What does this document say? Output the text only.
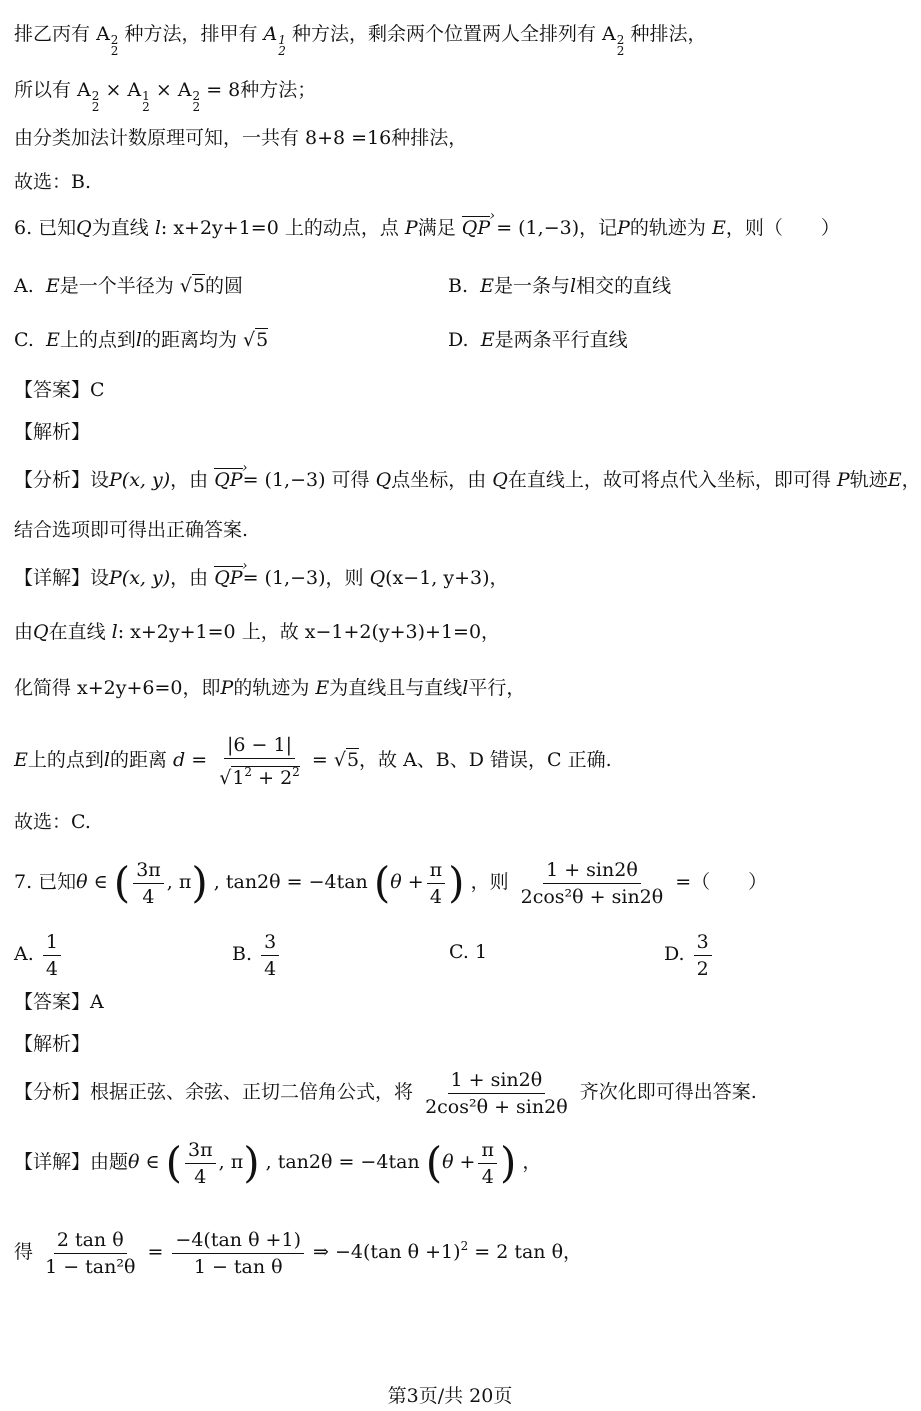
排乙丙有 A 2
2
种方法，排甲有 A 1
2
种方法，剩余两个位置两人全排列有 A 2
2
种排法，
所以有 A 2
2
× A 1
2
× A 2
2
= 8种方法；
由分类加法计数原理可知，一共有 8+8 =16种排法，
故选：B.
6. 已知Q为直线 l: x+2y+1=0 上的动点，点 P满足 QP › = (1,−3)，记P的轨迹为 E，则（　　）
A. E是一个半径为 √5的圆	B. E是一条与l相交的直线
C. E上的点到l的距离均为 √5	D. E是两条平行直线
【答案】C
【解析】
【分析】设P(x, y)，由 QP ›= (1,−3) 可得 Q点坐标，由 Q在直线上，故可将点代入坐标，即可得 P轨迹E，
结合选项即可得出正确答案.
【详解】设P(x, y)，由 QP ›= (1,−3)，则 Q(x−1, y+3)，
由Q在直线 l: x+2y+1=0 上，故 x−1+2(y+3)+1=0，
化简得 x+2y+6=0，即P的轨迹为 E为直线且与直线l平行，
E上的点到l的距离 $d = \frac{|6 - 1|}{√1^2 + 2^2} = √5$，故 A、B、D 错误，C 正确.
故选：C.
7. 已知θ ∈ ( $\frac{3\pi}{4}$ , π) , tan2θ = −4tan ($\theta + \frac{\pi}{4}$ ) ，则 $\frac{1 + \sin 2\theta}{\text{2cos²θ + sin2θ}}$ =（　　）
A. $\frac{1}{4}$	B. $\frac{3}{4}$	C. 1	D. $\frac{3}{2}$
【答案】A
【解析】
【分析】根据正弦、余弦、正切二倍角公式，将 $\frac{1 + \sin 2\theta}{\text{2cos²θ + sin2θ}}$ 齐次化即可得出答案.
【详解】由题θ ∈ ( $\frac{3\pi}{4}$ , π) , tan2θ = −4tan ($\theta + \frac{\pi}{4}$ ) ，
得 $\frac{\text{2 tan θ}}{\text{1 − tan²θ}} = \frac{\text{−4(tan θ +1)}}{\text{1 − tan θ}}$ ⇒ −4(tan θ +1)$^2$ = 2 tan θ，
第3页/共 20页
